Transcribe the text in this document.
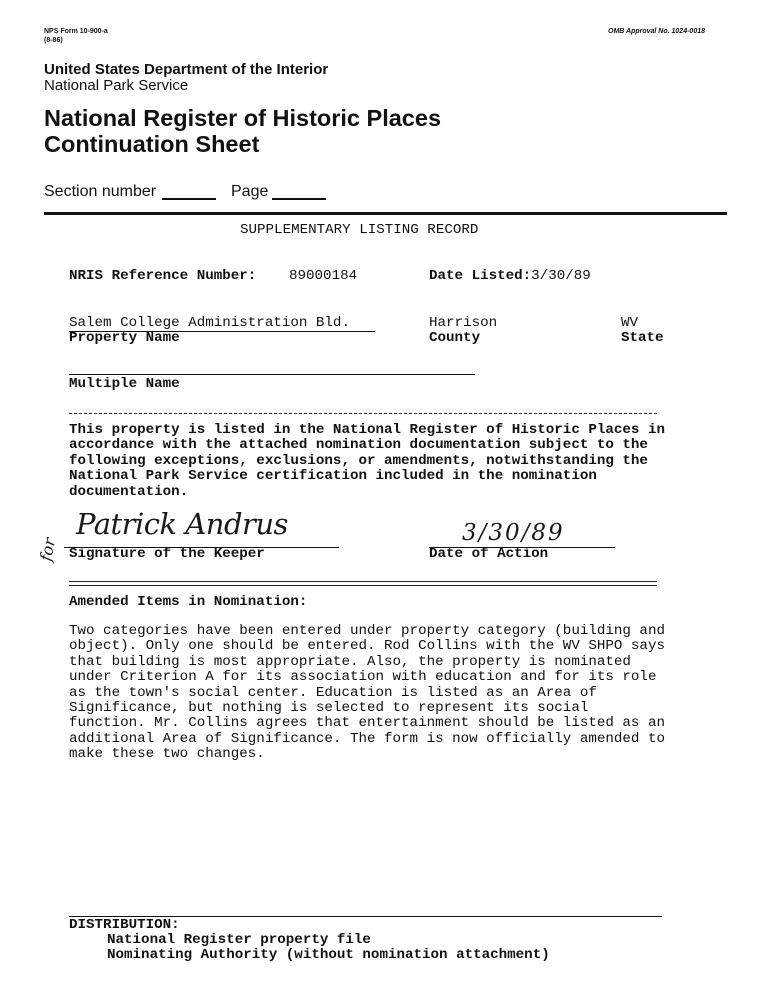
NPS Form 10-900-a
(8-86)
OMB Approval No. 1024-0018
United States Department of the Interior
National Park Service
National Register of Historic Places
Continuation Sheet
Section number	Page
SUPPLEMENTARY LISTING RECORD
NRIS Reference Number: 89000184	Date Listed:3/30/89
Salem College Administration Bld.
Property Name
Harrison
County
WV
State
Multiple Name
This property is listed in the National Register of Historic Places in accordance with the attached nomination documentation subject to the following exceptions, exclusions, or amendments, notwithstanding the National Park Service certification included in the nomination documentation.
Patrick Andrus
for Signature of the Keeper
3/30/89
Date of Action
Amended Items in Nomination:
Two categories have been entered under property category (building and object). Only one should be entered. Rod Collins with the WV SHPO says that building is most appropriate. Also, the property is nominated under Criterion A for its association with education and for its role as the town's social center. Education is listed as an Area of Significance, but nothing is selected to represent its social function. Mr. Collins agrees that entertainment should be listed as an additional Area of Significance. The form is now officially amended to make these two changes.
DISTRIBUTION:
National Register property file
Nominating Authority (without nomination attachment)
